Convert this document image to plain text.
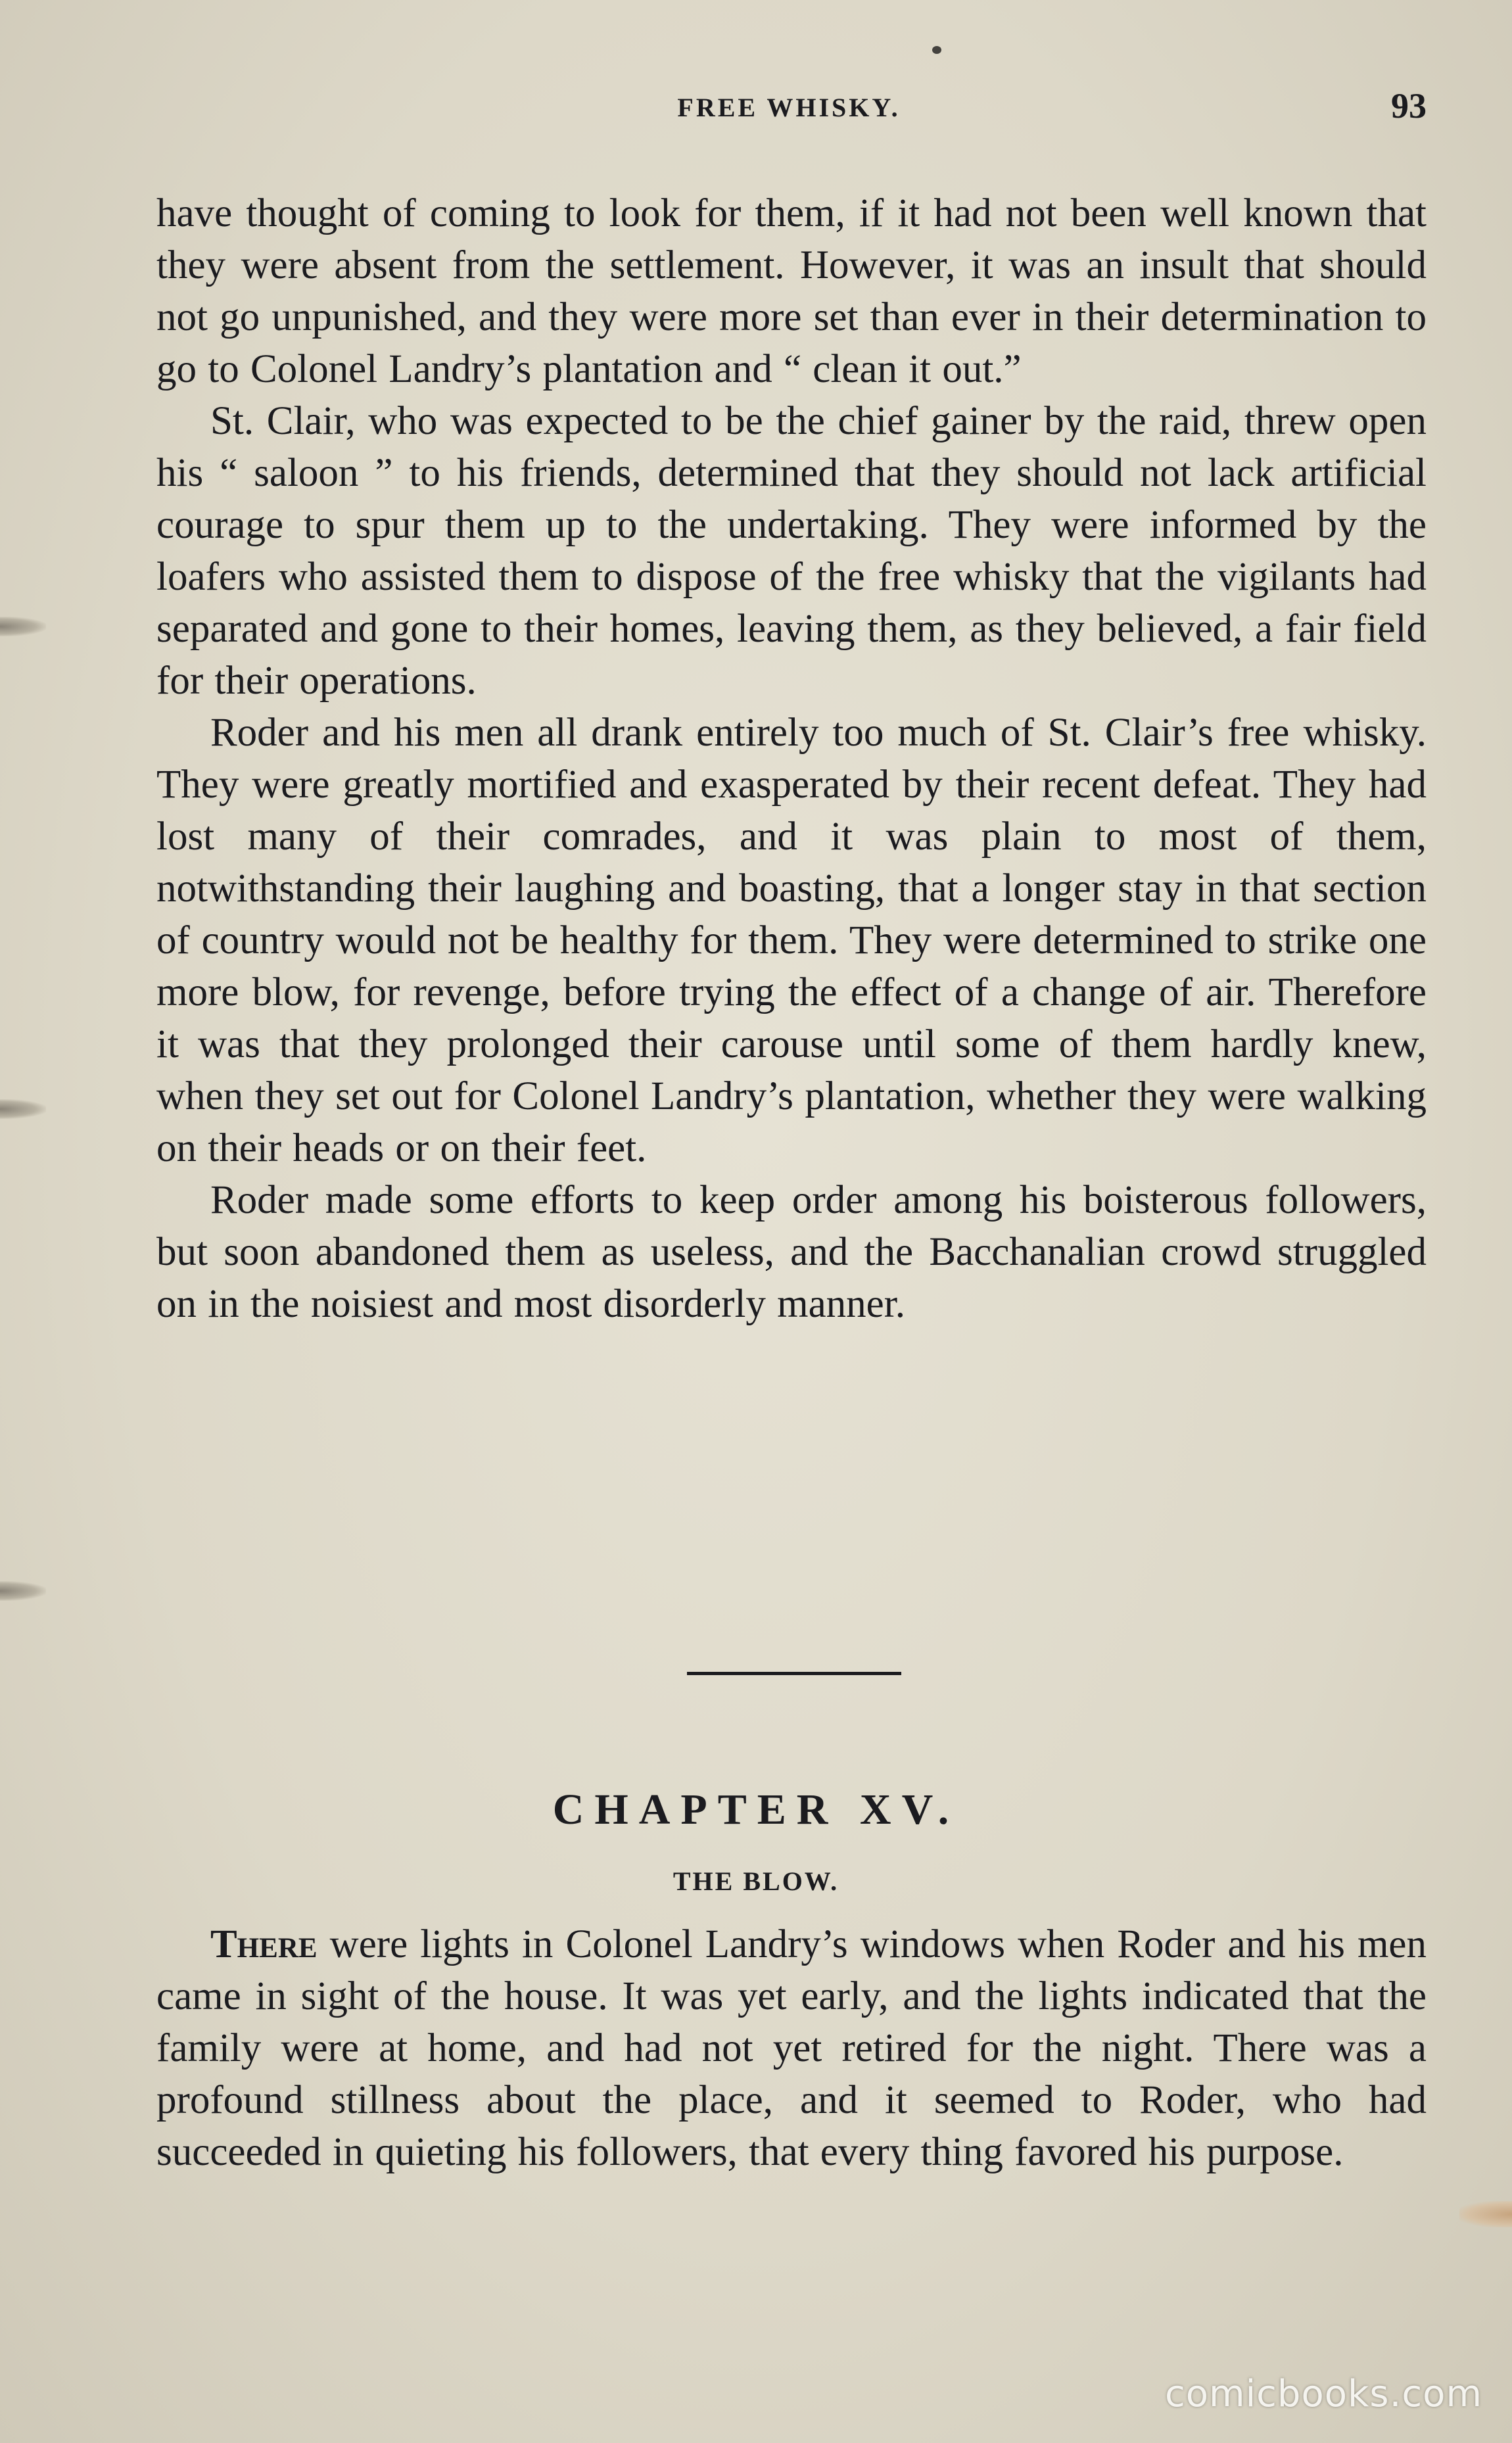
FREE WHISKY.	93

have thought of coming to look for them, if it had not been well known that they were absent from the settlement. However, it was an insult that should not go unpunished, and they were more set than ever in their determination to go to Colonel Landry’s plantation and “ clean it out.”

St. Clair, who was expected to be the chief gainer by the raid, threw open his “ saloon ” to his friends, determined that they should not lack artificial courage to spur them up to the undertaking. They were informed by the loafers who assisted them to dispose of the free whisky that the vigilants had separated and gone to their homes, leaving them, as they believed, a fair field for their operations.

Roder and his men all drank entirely too much of St. Clair’s free whisky. They were greatly mortified and exasperated by their recent defeat. They had lost many of their comrades, and it was plain to most of them, notwithstanding their laughing and boasting, that a longer stay in that section of country would not be healthy for them. They were determined to strike one more blow, for revenge, before trying the effect of a change of air. Therefore it was that they prolonged their carouse until some of them hardly knew, when they set out for Colonel Landry’s plantation, whether they were walking on their heads or on their feet.

Roder made some efforts to keep order among his boisterous followers, but soon abandoned them as useless, and the Bacchanalian crowd struggled on in the noisiest and most disorderly manner.

CHAPTER XV.
THE BLOW.

There were lights in Colonel Landry’s windows when Roder and his men came in sight of the house. It was yet early, and the lights indicated that the family were at home, and had not yet retired for the night. There was a profound stillness about the place, and it seemed to Roder, who had succeeded in quieting his followers, that every thing favored his purpose.

comicbooks.com
